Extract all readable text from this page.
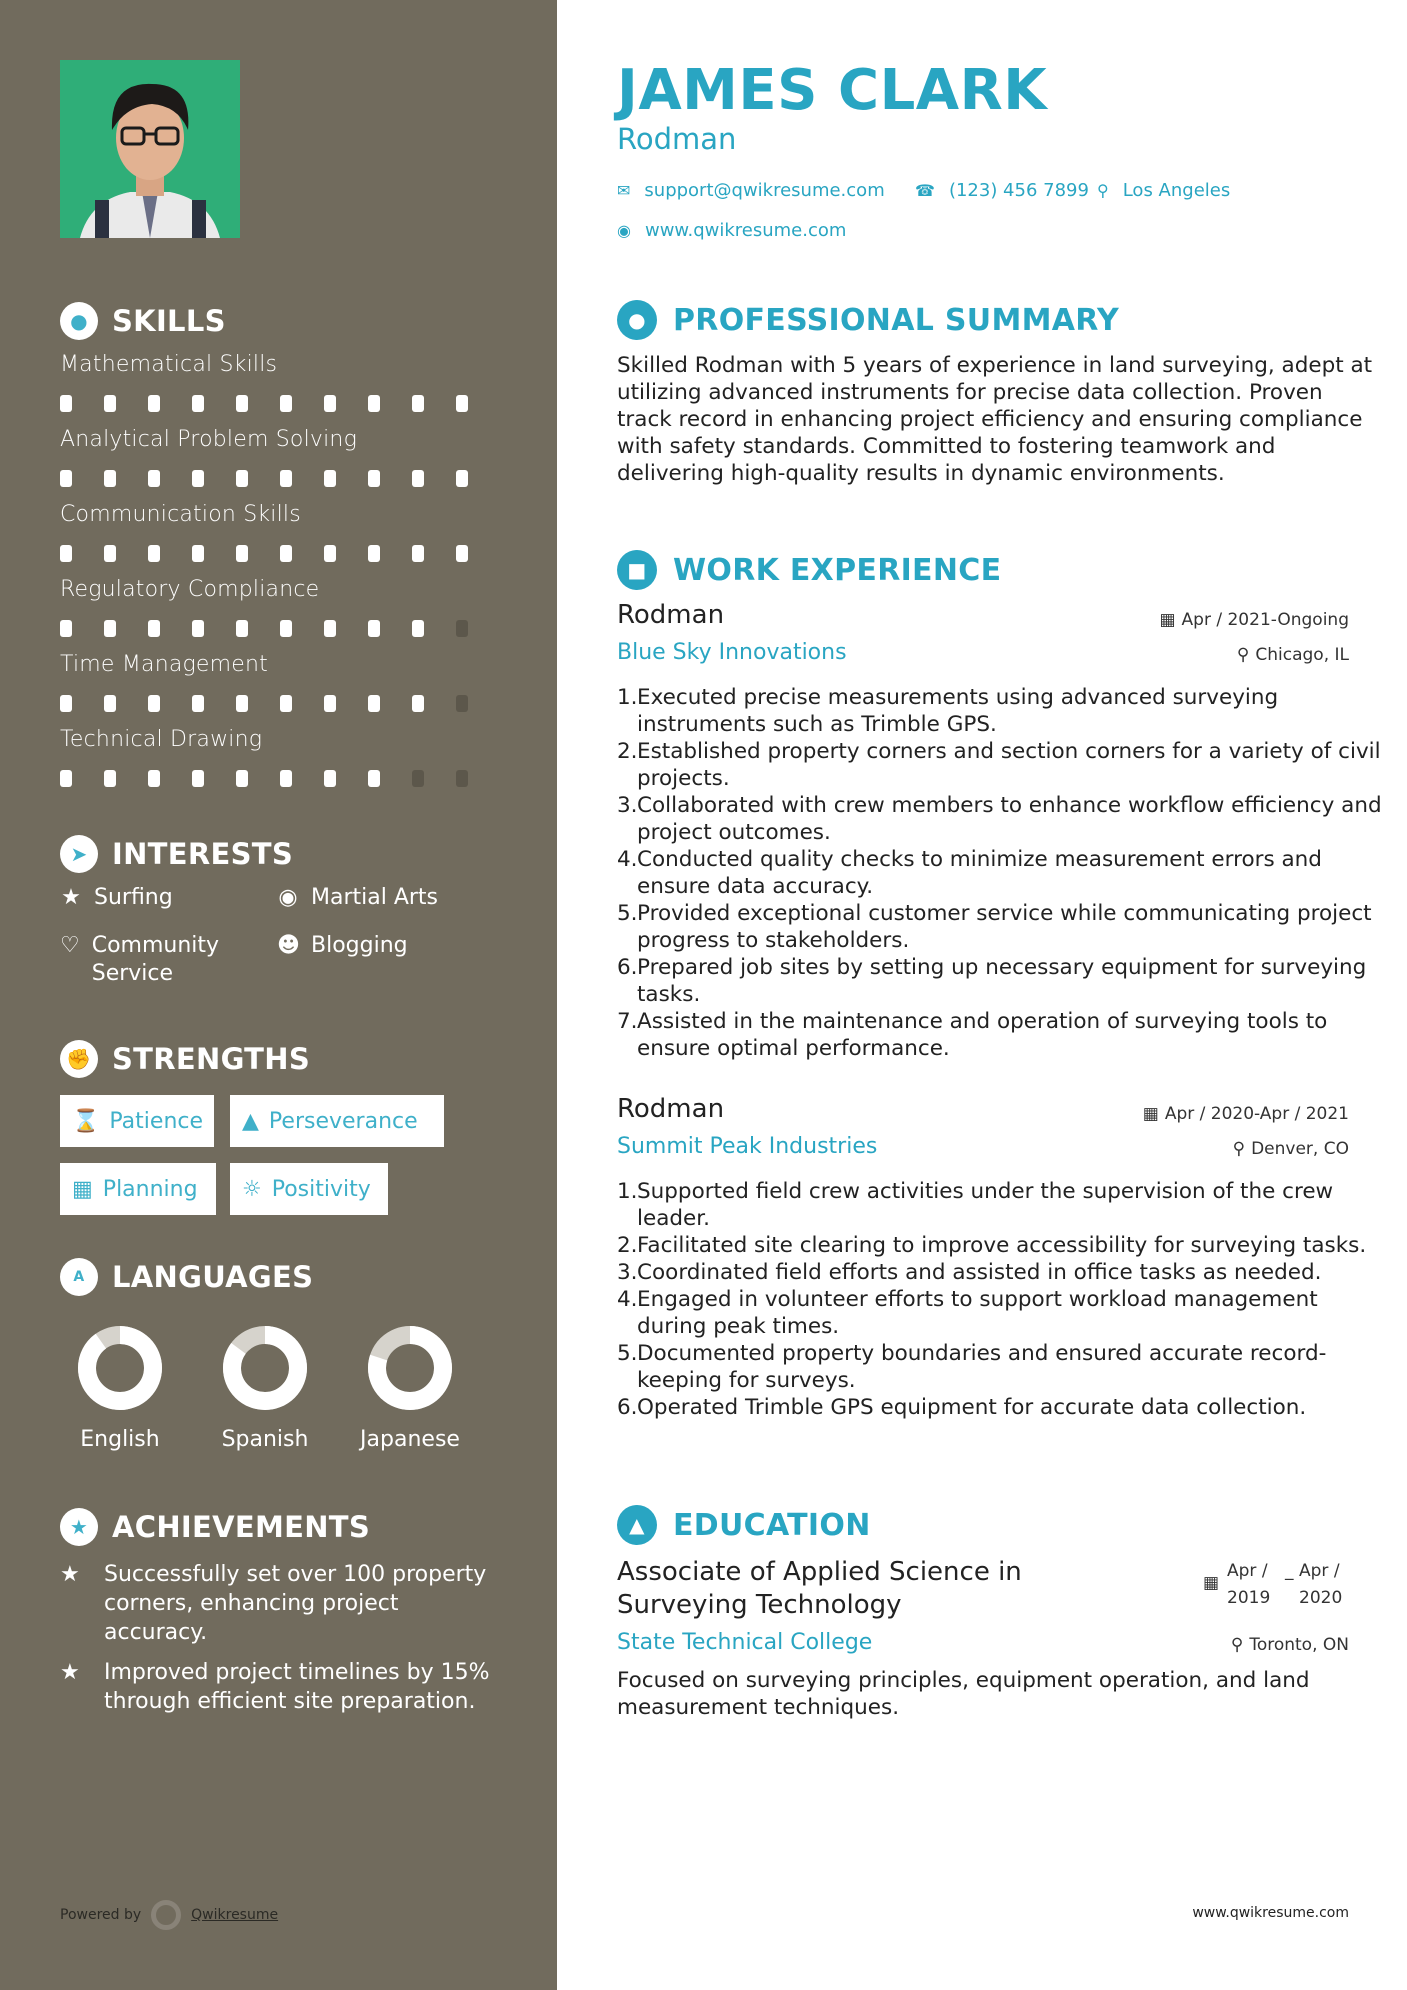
● SKILLS
Mathematical Skills
Analytical Problem Solving
Communication Skills
Regulatory Compliance
Time Management
Technical Drawing
➤ INTERESTS
★ Surfing	◉ Martial Arts
♡ Community Service
☻ Blogging
✊ STRENGTHS
⌛ Patience ▲ Perseverance
▦ Planning ☼ Positivity
A LANGUAGES
English	Spanish Japanese
★ ACHIEVEMENTS
★	Successfully set over 100 property corners, enhancing project accuracy.
★	Improved project timelines by 15% through efficient site preparation.
Powered by	Qwikresume
JAMES CLARK
Rodman
✉ support@qwikresume.com ☎ (123) 456 7899 ⚲ Los Angeles
◉ www.qwikresume.com
● PROFESSIONAL SUMMARY
Skilled Rodman with 5 years of experience in land surveying, adept at utilizing advanced instruments for precise data collection. Proven track record in enhancing project efficiency and ensuring compliance with safety standards. Committed to fostering teamwork and delivering high-quality results in dynamic environments.
■ WORK EXPERIENCE
Rodman	▦ Apr / 2021-Ongoing
Blue Sky Innovations	⚲ Chicago, IL
1. Executed precise measurements using advanced surveying instruments such as Trimble GPS.
2. Established property corners and section corners for a variety of civil projects.
3. Collaborated with crew members to enhance workflow efficiency and project outcomes.
4. Conducted quality checks to minimize measurement errors and ensure data accuracy.
5. Provided exceptional customer service while communicating project progress to stakeholders.
6. Prepared job sites by setting up necessary equipment for surveying tasks.
7. Assisted in the maintenance and operation of surveying tools to ensure optimal performance.
Rodman	▦ Apr / 2020-Apr / 2021
Summit Peak Industries	⚲ Denver, CO
1. Supported field crew activities under the supervision of the crew leader.
2. Facilitated site clearing to improve accessibility for surveying tasks.
3. Coordinated field efforts and assisted in office tasks as needed.
4. Engaged in volunteer efforts to support workload management during peak times.
5. Documented property boundaries and ensured accurate record-keeping for surveys.
6. Operated Trimble GPS equipment for accurate data collection.
▲ EDUCATION
Associate of Applied Science in Surveying Technology
▦
Apr / 2019
_ Apr / 2020
State Technical College	⚲ Toronto, ON
Focused on surveying principles, equipment operation, and land measurement techniques.
www.qwikresume.com
